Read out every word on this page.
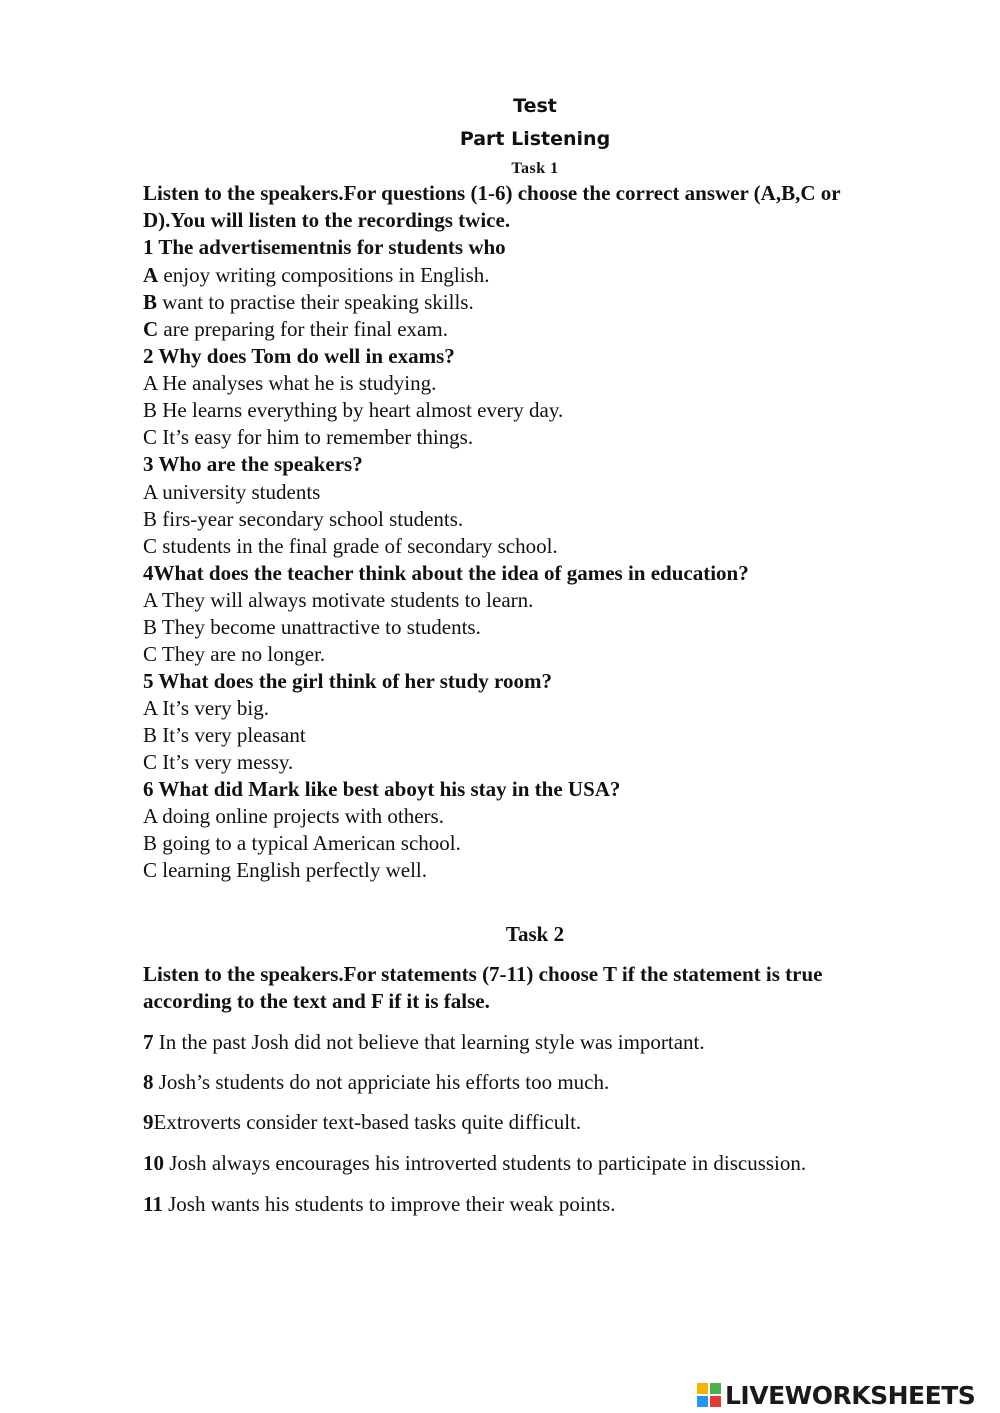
Test
Part Listening
Task 1
Listen to the speakers.For questions (1-6) choose the correct answer (A,B,C or
D).You will listen to the recordings twice.
1 The advertisementnis for students who
A enjoy writing compositions in English.
B want to practise their speaking skills.
C are preparing for their final exam.
2 Why does Tom do well in exams?
A He analyses what he is studying.
B He learns everything by heart almost every day.
C It’s easy for him to remember things.
3 Who are the speakers?
A university students
B firs-year secondary school students.
C students in the final grade of secondary school.
4What does the teacher think about the idea of games in education?
A They will always motivate students to learn.
B They become unattractive to students.
C They are no longer.
5 What does the girl think of her study room?
A It’s very big.
B It’s very pleasant
C It’s very messy.
6 What did Mark like best aboyt his stay in the USA?
A doing online projects with others.
B going to a typical American school.
C learning English perfectly well.
Task 2
Listen to the speakers.For statements (7-11) choose T if the statement is true
according to the text and F if it is false.
7 In the past Josh did not believe that learning style was important.
8 Josh’s students do not appriciate his efforts too much.
9Extroverts consider text-based tasks quite difficult.
10 Josh always encourages his introverted students to participate in discussion.
11 Josh wants his students to improve their weak points.
LIVEWORKSHEETS
